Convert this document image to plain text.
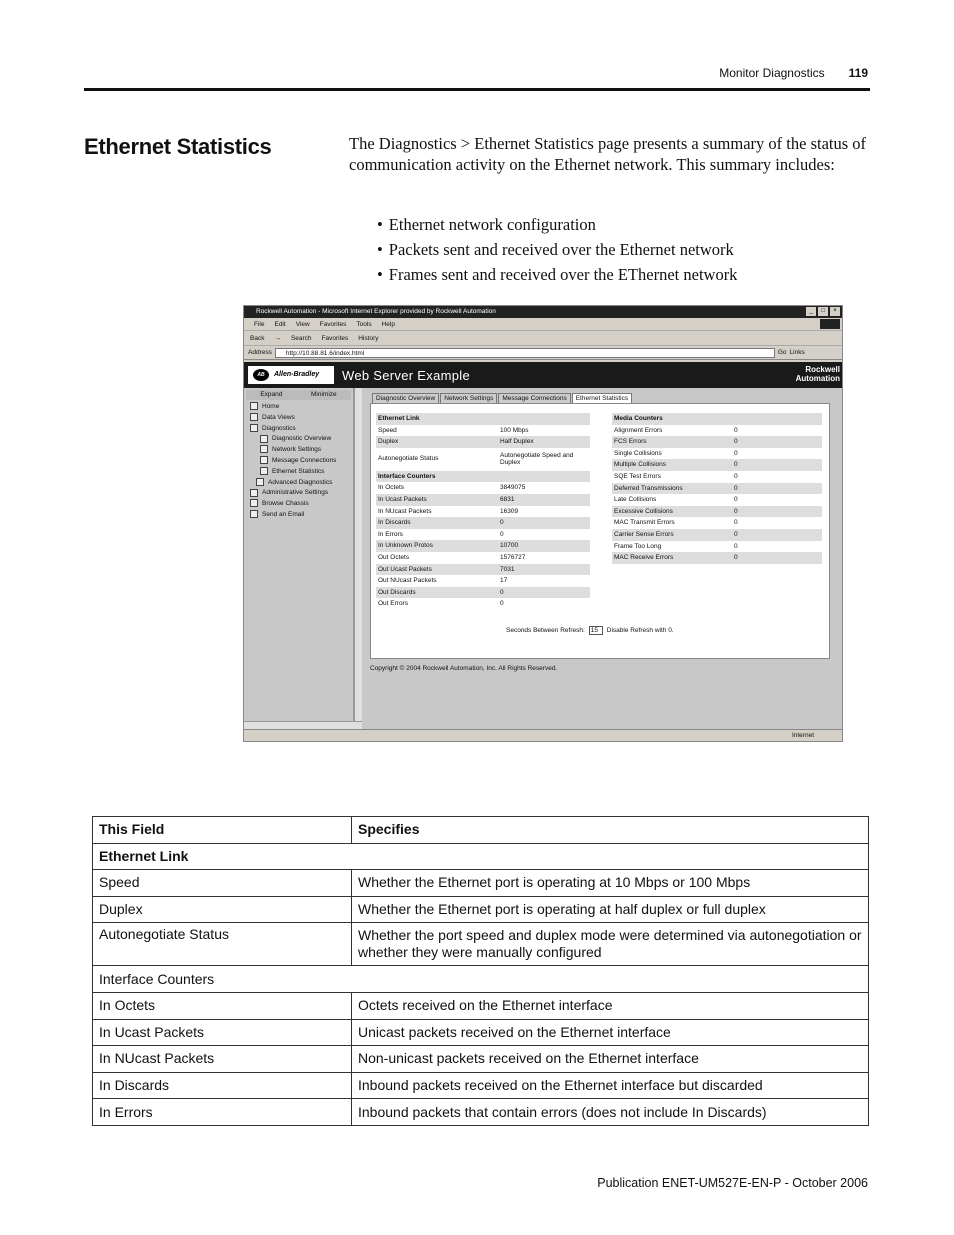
Monitor Diagnostics 119
Ethernet Statistics	The Diagnostics > Ethernet Statistics page presents a summary of the status of communication activity on the Ethernet network. This summary includes:

• Ethernet network configuration
• Packets sent and received over the Ethernet network
• Frames sent and received over the EThernet network
Rockwell Automation - Microsoft Internet Explorer provided by Rockwell Automation	_	□	×
File Edit View Favorites Tools Help
Back → Search Favorites History
Address	http://10.88.81.6/index.html	Go Links
AB Allen-Bradley	Web Server Example	Rockwell
Automation
Expand	Minimize
Home
Data Views
Diagnostics
Diagnostic Overview
Network Settings
Message Connections
Ethernet Statistics
Advanced Diagnostics
Administrative Settings
Browse Chassis
Send an Email
Diagnostic Overview	Network Settings	Message Connections	Ethernet Statistics
Ethernet Link
Speed	100 Mbps
Duplex	Half Duplex
Autonegotiate Status	Autonegotiate Speed and Duplex
Interface Counters
In Octets	3849075
In Ucast Packets	6831
In NUcast Packets	16309
In Discards	0
In Errors	0
In Unknown Protos	10700
Out Octets	1576727
Out Ucast Packets	7031
Out NUcast Packets	17
Out Discards	0
Out Errors	0
Media Counters
Alignment Errors	0
FCS Errors	0
Single Collisions	0
Multiple Collisions	0
SQE Test Errors	0
Deferred Transmissions	0
Late Collisions	0
Excessive Collisions	0
MAC Transmit Errors	0
Carrier Sense Errors	0
Frame Too Long	0
MAC Receive Errors	0
Seconds Between Refresh: 15	Disable Refresh with 0.
Copyright © 2004 Rockwell Automation, Inc. All Rights Reserved.
Internet
This Field	Specifies
Ethernet Link	
Speed	Whether the Ethernet port is operating at 10 Mbps or 100 Mbps
Duplex	Whether the Ethernet port is operating at half duplex or full duplex
Autonegotiate Status	Whether the port speed and duplex mode were determined via autonegotiation or whether they were manually configured
Interface Counters	
In Octets	Octets received on the Ethernet interface
In Ucast Packets	Unicast packets received on the Ethernet interface
In NUcast Packets	Non-unicast packets received on the Ethernet interface
In Discards	Inbound packets received on the Ethernet interface but discarded
In Errors	Inbound packets that contain errors (does not include In Discards)
Publication ENET-UM527E-EN-P - October 2006
